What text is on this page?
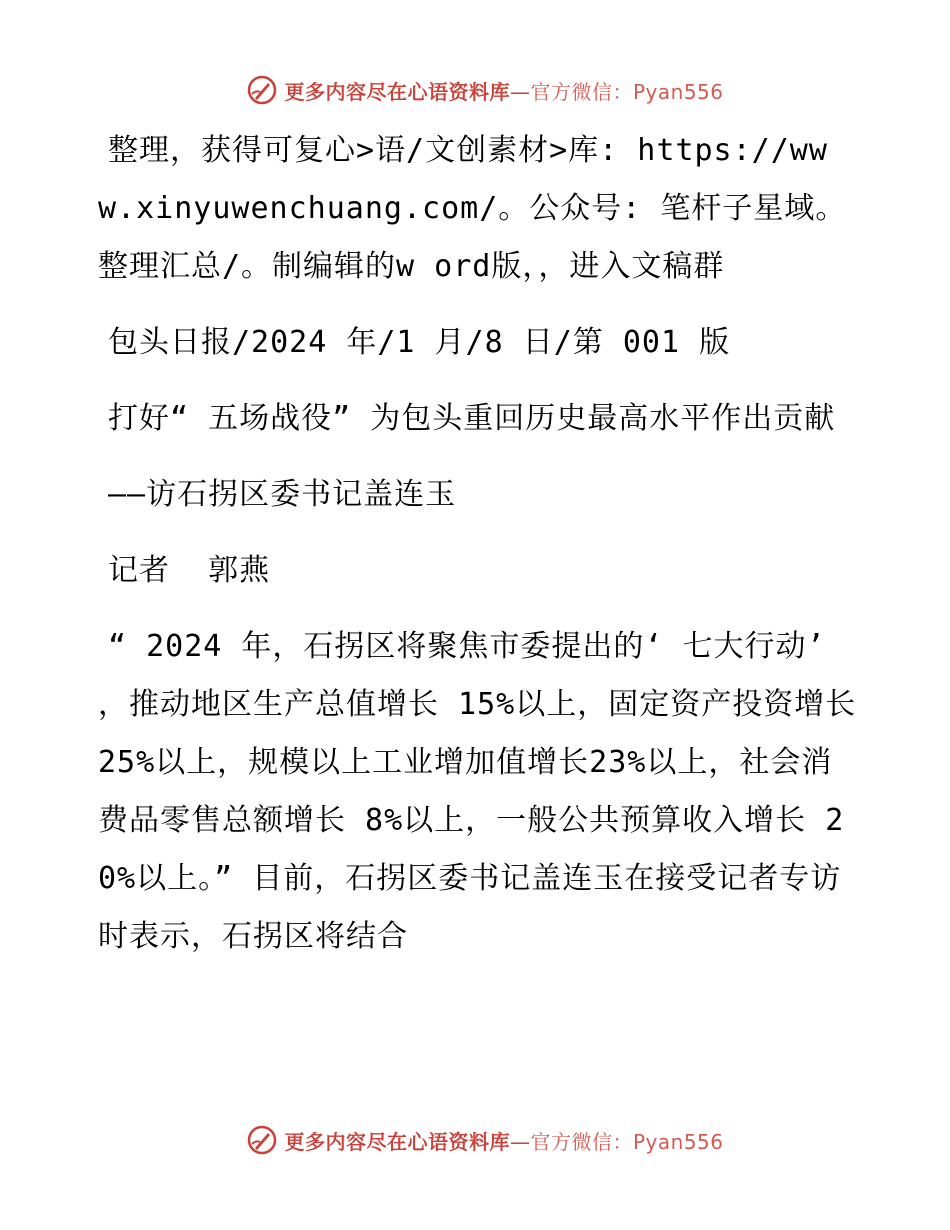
更多内容尽在心语资料库—官方微信：Pyan556

整理，获得可复心>语/文创素材>库: https://www.xinyuwenchuang.com/。公众号: 笔杆子星域。整理汇总/。制编辑的w ord版，，进入文稿群

包头日报/2024 年/1 月/8 日/第 001 版

打好“ 五场战役” 为包头重回历史最高水平作出贡献

——访石拐区委书记盖连玉

记者  郭燕

“ 2024 年，石拐区将聚焦市委提出的‘ 七大行动’ ，推动地区生产总值增长 15%以上，固定资产投资增长 25%以上，规模以上工业增加值增长23%以上，社会消费品零售总额增长 8%以上，一般公共预算收入增长 20%以上。” 目前，石拐区委书记盖连玉在接受记者专访时表示，石拐区将结合

更多内容尽在心语资料库—官方微信：Pyan556
